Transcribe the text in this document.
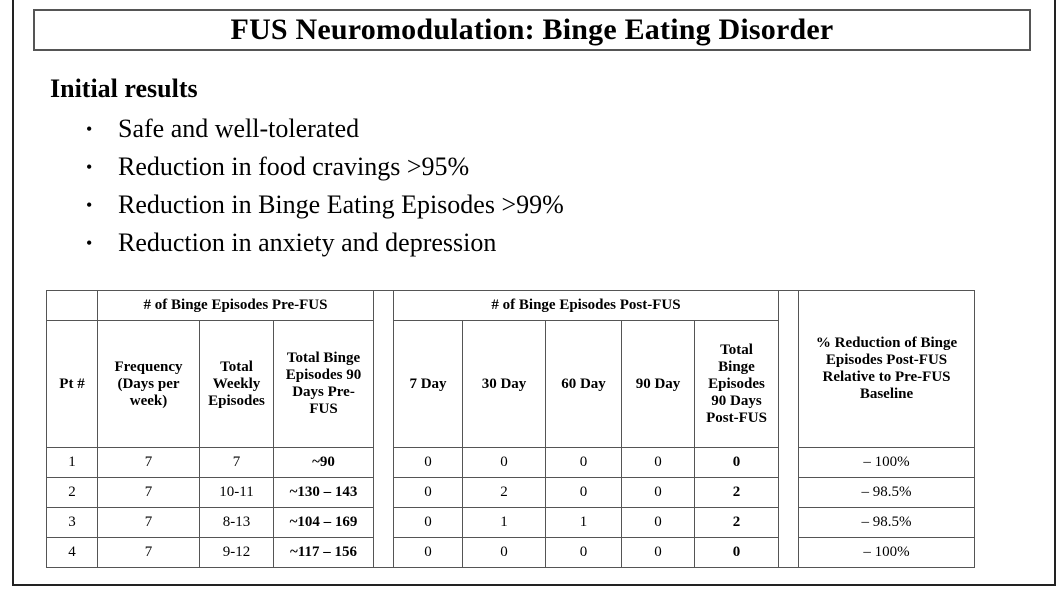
FUS Neuromodulation: Binge Eating Disorder
Initial results
• Safe and well-tolerated
• Reduction in food cravings >95%
• Reduction in Binge Eating Episodes >99%
• Reduction in anxiety and depression
	# of Binge Episodes Pre-FUS				# of Binge Episodes Post-FUS						% Reduction of Binge Episodes Post-FUS Relative to Pre-FUS Baseline
Pt #	Frequency (Days per week)	Total Weekly Episodes	Total Binge Episodes 90 Days Pre-FUS		7 Day	30 Day	60 Day	90 Day	Total Binge Episodes 90 Days Post-FUS		
1	7	7	~90		0	0	0	0	0		– 100%
2	7	10-11	~130 – 143		0	2	0	0	2		– 98.5%
3	7	8-13	~104 – 169		0	1	1	0	2		– 98.5%
4	7	9-12	~117 – 156		0	0	0	0	0		– 100%
